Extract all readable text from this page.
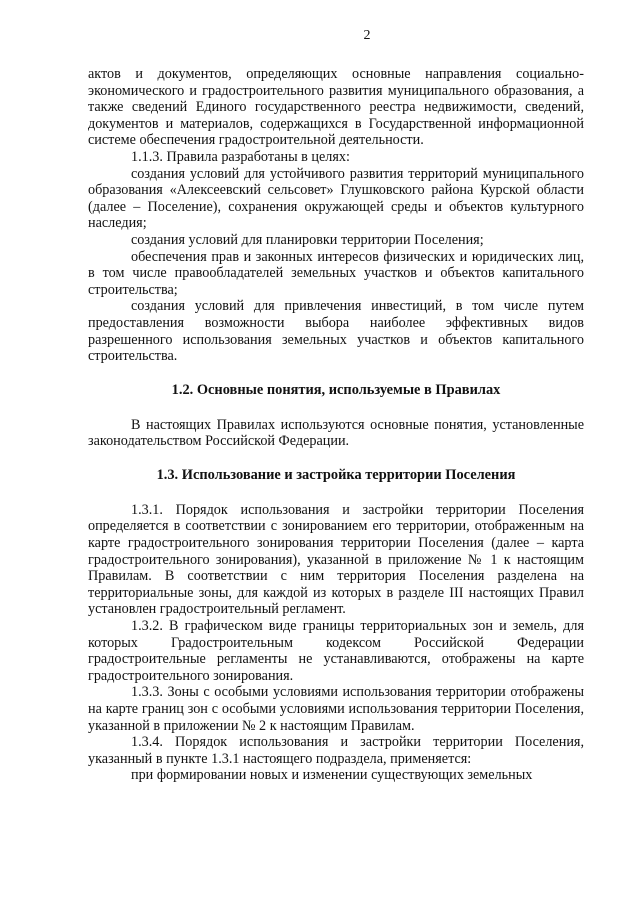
2

актов и документов, определяющих основные направления социально-экономического и градостроительного развития муниципального образования, а также сведений Единого государственного реестра недвижимости, сведений, документов и материалов, содержащихся в Государственной информационной системе обеспечения градостроительной деятельности.

1.1.3. Правила разработаны в целях:

создания условий для устойчивого развития территорий муниципального образования «Алексеевский сельсовет» Глушковского района Курской области (далее – Поселение), сохранения окружающей среды и объектов культурного наследия;

создания условий для планировки территории Поселения;

обеспечения прав и законных интересов физических и юридических лиц, в том числе правообладателей земельных участков и объектов капитального строительства;

создания условий для привлечения инвестиций, в том числе путем предоставления возможности выбора наиболее эффективных видов разрешенного использования земельных участков и объектов капитального строительства.

1.2. Основные понятия, используемые в Правилах

В настоящих Правилах используются основные понятия, установленные законодательством Российской Федерации.

1.3. Использование и застройка территории Поселения

1.3.1. Порядок использования и застройки территории Поселения определяется в соответствии с зонированием его территории, отображенным на карте градостроительного зонирования территории Поселения (далее – карта градостроительного зонирования), указанной в приложение № 1 к настоящим Правилам. В соответствии с ним территория Поселения разделена на территориальные зоны, для каждой из которых в разделе III настоящих Правил установлен градостроительный регламент.

1.3.2. В графическом виде границы территориальных зон и земель, для которых Градостроительным кодексом Российской Федерации градостроительные регламенты не устанавливаются, отображены на карте градостроительного зонирования.

1.3.3. Зоны с особыми условиями использования территории отображены на карте границ зон с особыми условиями использования территории Поселения, указанной в приложении № 2 к настоящим Правилам.

1.3.4. Порядок использования и застройки территории Поселения, указанный в пункте 1.3.1 настоящего подраздела, применяется:

при формировании новых и изменении существующих земельных
